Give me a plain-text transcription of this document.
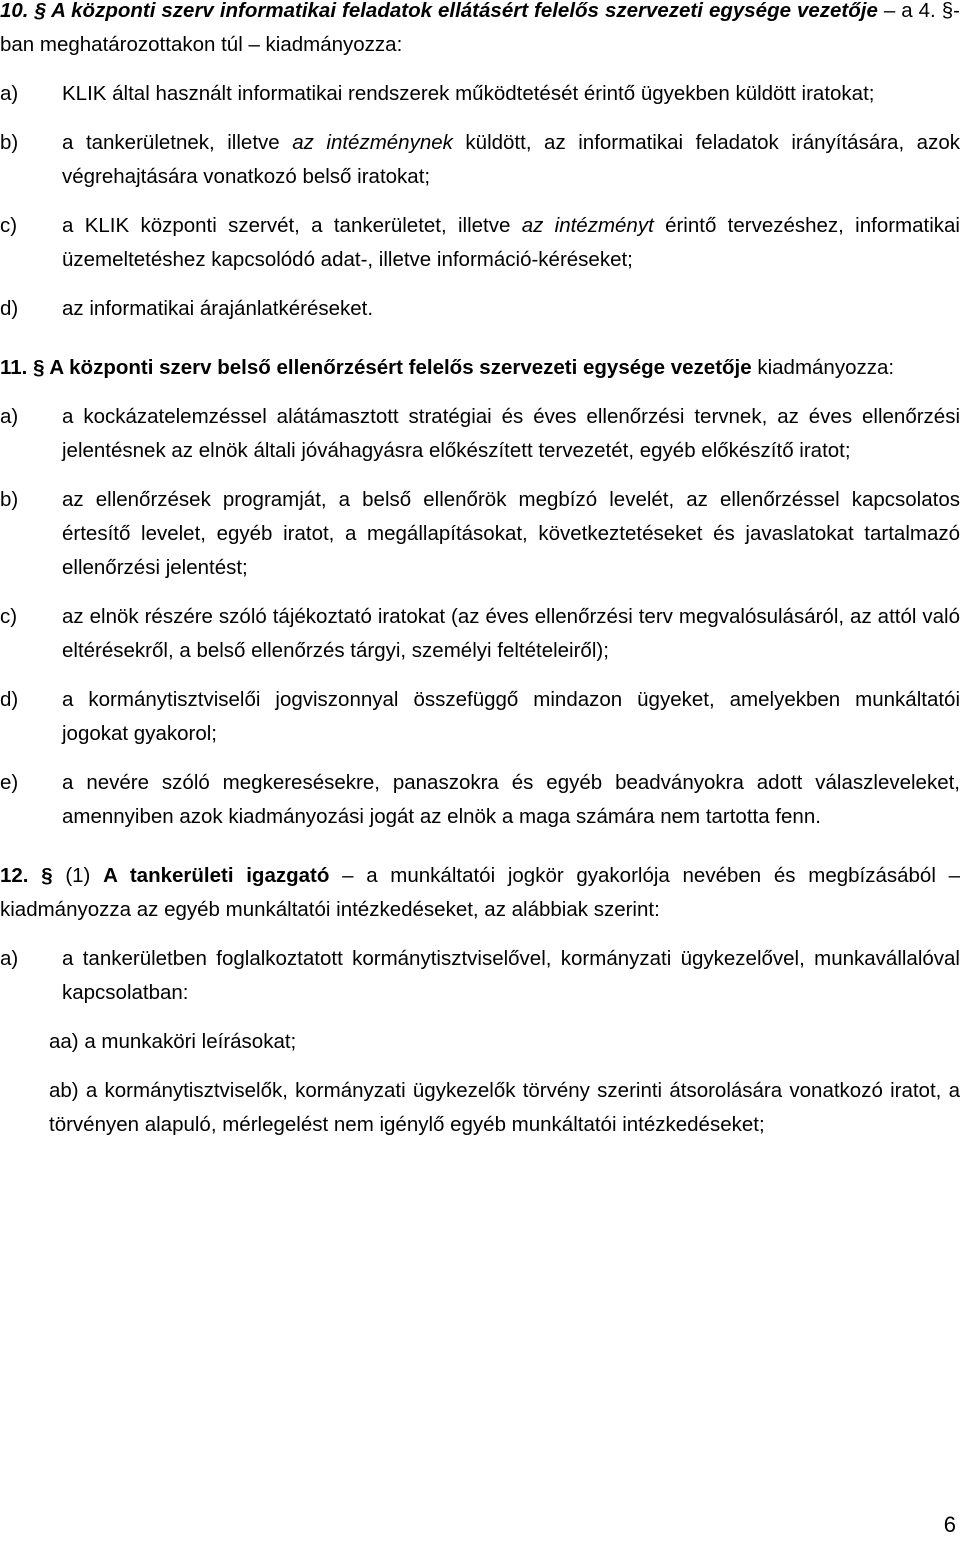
10. § A központi szerv informatikai feladatok ellátásért felelős szervezeti egysége vezetője – a 4. §-ban meghatározottakon túl – kiadmányozza:

a)	KLIK által használt informatikai rendszerek működtetését érintő ügyekben küldött iratokat;
b)	a tankerületnek, illetve az intézménynek küldött, az informatikai feladatok irányítására, azok végrehajtására vonatkozó belső iratokat;
c)	a KLIK központi szervét, a tankerületet, illetve az intézményt érintő tervezéshez, informatikai üzemeltetéshez kapcsolódó adat-, illetve információ-kéréseket;
d)	az informatikai árajánlatkéréseket.

11. § A központi szerv belső ellenőrzésért felelős szervezeti egysége vezetője kiadmányozza:

a)	a kockázatelemzéssel alátámasztott stratégiai és éves ellenőrzési tervnek, az éves ellenőrzési jelentésnek az elnök általi jóváhagyásra előkészített tervezetét, egyéb előkészítő iratot;
b)	az ellenőrzések programját, a belső ellenőrök megbízó levelét, az ellenőrzéssel kapcsolatos értesítő levelet, egyéb iratot, a megállapításokat, következtetéseket és javaslatokat tartalmazó ellenőrzési jelentést;
c)	az elnök részére szóló tájékoztató iratokat (az éves ellenőrzési terv megvalósulásáról, az attól való eltérésekről, a belső ellenőrzés tárgyi, személyi feltételeiről);
d)	a kormánytisztviselői jogviszonnyal összefüggő mindazon ügyeket, amelyekben munkáltatói jogokat gyakorol;
e)	a nevére szóló megkeresésekre, panaszokra és egyéb beadványokra adott válaszleveleket, amennyiben azok kiadmányozási jogát az elnök a maga számára nem tartotta fenn.

12. § (1) A tankerületi igazgató – a munkáltatói jogkör gyakorlója nevében és megbízásából – kiadmányozza az egyéb munkáltatói intézkedéseket, az alábbiak szerint:

a)	a tankerületben foglalkoztatott kormánytisztviselővel, kormányzati ügykezelővel, munkavállalóval kapcsolatban:

aa) a munkaköri leírásokat;

ab) a kormánytisztviselők, kormányzati ügykezelők törvény szerinti átsorolására vonatkozó iratot, a törvényen alapuló, mérlegelést nem igénylő egyéb munkáltatói intézkedéseket;

6
